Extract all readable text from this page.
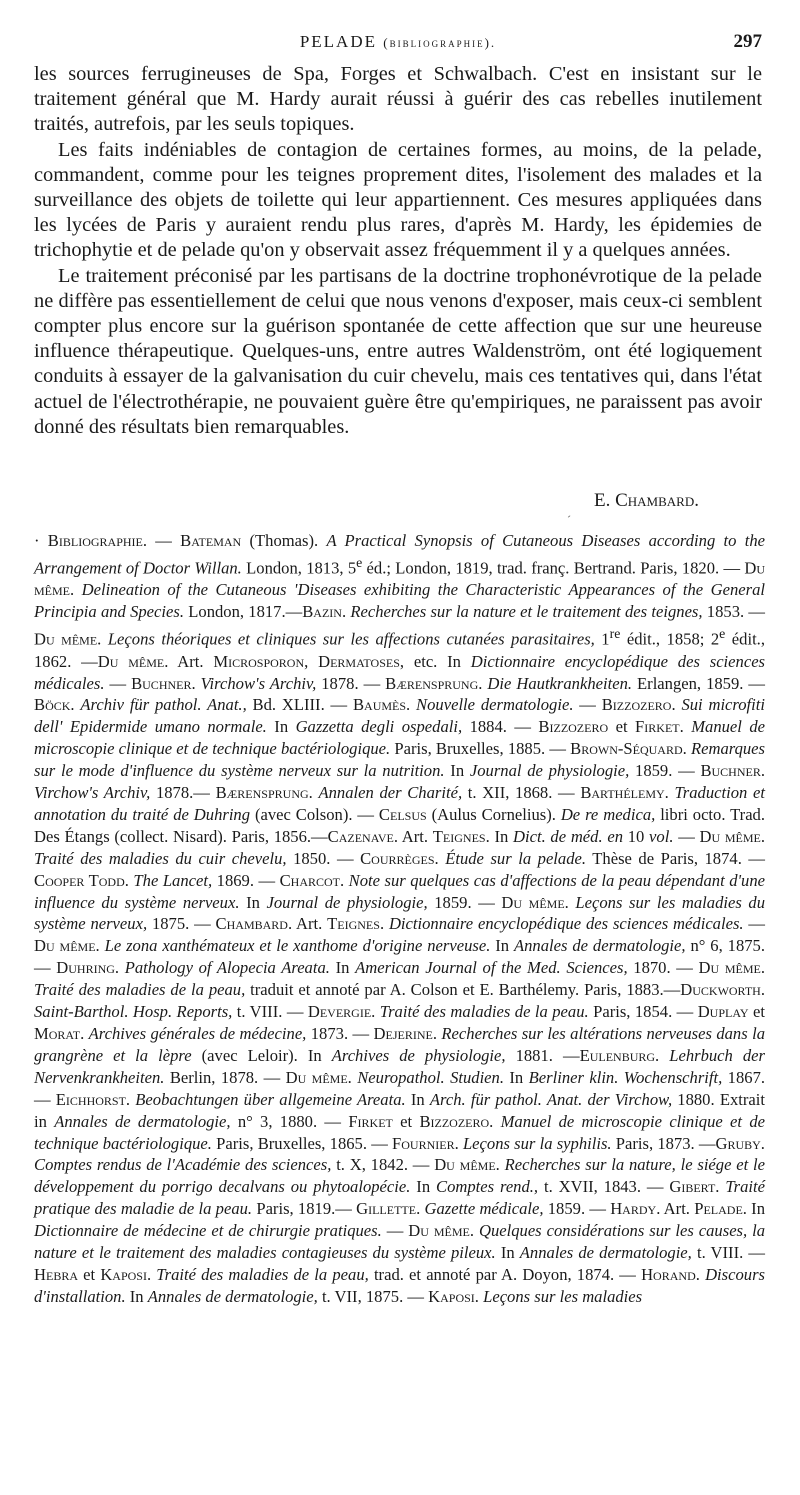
PELADE (bibliographie).	297

les sources ferrugineuses de Spa, Forges et Schwalbach. C'est en insistant sur le traitement général que M. Hardy aurait réussi à guérir des cas rebelles inutilement traités, autrefois, par les seuls topiques.

Les faits indéniables de contagion de certaines formes, au moins, de la pelade, commandent, comme pour les teignes proprement dites, l'isolement des malades et la surveillance des objets de toilette qui leur appartiennent. Ces mesures appliquées dans les lycées de Paris y auraient rendu plus rares, d'après M. Hardy, les épidemies de trichophytie et de pelade qu'on y observait assez fréquemment il y a quelques années.

Le traitement préconisé par les partisans de la doctrine trophonévrotique de la pelade ne diffère pas essentiellement de celui que nous venons d'exposer, mais ceux-ci semblent compter plus encore sur la guérison spontanée de cette affection que sur une heureuse influence thérapeutique. Quelques-uns, entre autres Waldenström, ont été logiquement conduits à essayer de la galvanisation du cuir chevelu, mais ces tentatives qui, dans l'état actuel de l'électrothérapie, ne pouvaient guère être qu'empiriques, ne paraissent pas avoir donné des résultats bien remarquables.

E. Chambard.
´

· Bibliographie. — Bateman (Thomas). A Practical Synopsis of Cutaneous Diseases according to the Arrangement of Doctor Willan. London, 1813, 5e éd.; London, 1819, trad. franç. Bertrand. Paris, 1820. — Du même. Delineation of the Cutaneous 'Diseases exhibiting the Characteristic Appearances of the General Principia and Species. London, 1817.—Bazin. Recherches sur la nature et le traitement des teignes, 1853. —Du même. Leçons théoriques et cliniques sur les affections cutanées parasitaires, 1re édit., 1858; 2e édit., 1862. —Du même. Art. Microsporon, Dermatoses, etc. In Dictionnaire encyclopédique des sciences médicales. — Buchner. Virchow's Archiv, 1878. — Bærensprung. Die Hautkrankheiten. Erlangen, 1859. —Böck. Archiv für pathol. Anat., Bd. XLIII. — Baumès. Nouvelle dermatologie. — Bizzozero. Sui microfiti dell' Epidermide umano normale. In Gazzetta degli ospedali, 1884. — Bizzozero et Firket. Manuel de microscopie clinique et de technique bactériologique. Paris, Bruxelles, 1885. — Brown-Séquard. Remarques sur le mode d'influence du système nerveux sur la nutrition. In Journal de physiologie, 1859. — Buchner. Virchow's Archiv, 1878.— Bærensprung. Annalen der Charité, t. XII, 1868. — Barthélemy. Traduction et annotation du traité de Duhring (avec Colson). — Celsus (Aulus Cornelius). De re medica, libri octo. Trad. Des Étangs (collect. Nisard). Paris, 1856.—Cazenave. Art. Teignes. In Dict. de méd. en 10 vol. — Du même. Traité des maladies du cuir chevelu, 1850. — Courrèges. Étude sur la pelade. Thèse de Paris, 1874. — Cooper Todd. The Lancet, 1869. — Charcot. Note sur quelques cas d'affections de la peau dépendant d'une influence du système nerveux. In Journal de physiologie, 1859. — Du même. Leçons sur les maladies du système nerveux, 1875. — Chambard. Art. Teignes. Dictionnaire encyclopédique des sciences médicales. — Du même. Le zona xanthémateux et le xanthome d'origine nerveuse. In Annales de dermatologie, n° 6, 1875. — Duhring. Pathology of Alopecia Areata. In American Journal of the Med. Sciences, 1870. — Du même. Traité des maladies de la peau, traduit et annoté par A. Colson et E. Barthélemy. Paris, 1883.—Duckworth. Saint-Barthol. Hosp. Reports, t. VIII. — Devergie. Traité des maladies de la peau. Paris, 1854. — Duplay et Morat. Archives générales de médecine, 1873. — Dejerine. Recherches sur les altérations nerveuses dans la grangrène et la lèpre (avec Leloir). In Archives de physiologie, 1881. —Eulenburg. Lehrbuch der Nervenkrankheiten. Berlin, 1878. — Du même. Neuropathol. Studien. In Berliner klin. Wochenschrift, 1867. — Eichhorst. Beobachtungen über allgemeine Areata. In Arch. für pathol. Anat. der Virchow, 1880. Extrait in Annales de dermatologie, n° 3, 1880. — Firket et Bizzozero. Manuel de microscopie clinique et de technique bactériologique. Paris, Bruxelles, 1865. — Fournier. Leçons sur la syphilis. Paris, 1873. —Gruby. Comptes rendus de l'Académie des sciences, t. X, 1842. — Du même. Recherches sur la nature, le siége et le développement du porrigo decalvans ou phytoalopécie. In Comptes rend., t. XVII, 1843. — Gibert. Traité pratique des maladie de la peau. Paris, 1819.— Gillette. Gazette médicale, 1859. — Hardy. Art. Pelade. In Dictionnaire de médecine et de chirurgie pratiques. — Du même. Quelques considérations sur les causes, la nature et le traitement des maladies contagieuses du système pileux. In Annales de dermatologie, t. VIII. — Hebra et Kaposi. Traité des maladies de la peau, trad. et annoté par A. Doyon, 1874. — Horand. Discours d'installation. In Annales de dermatologie, t. VII, 1875. — Kaposi. Leçons sur les maladies
